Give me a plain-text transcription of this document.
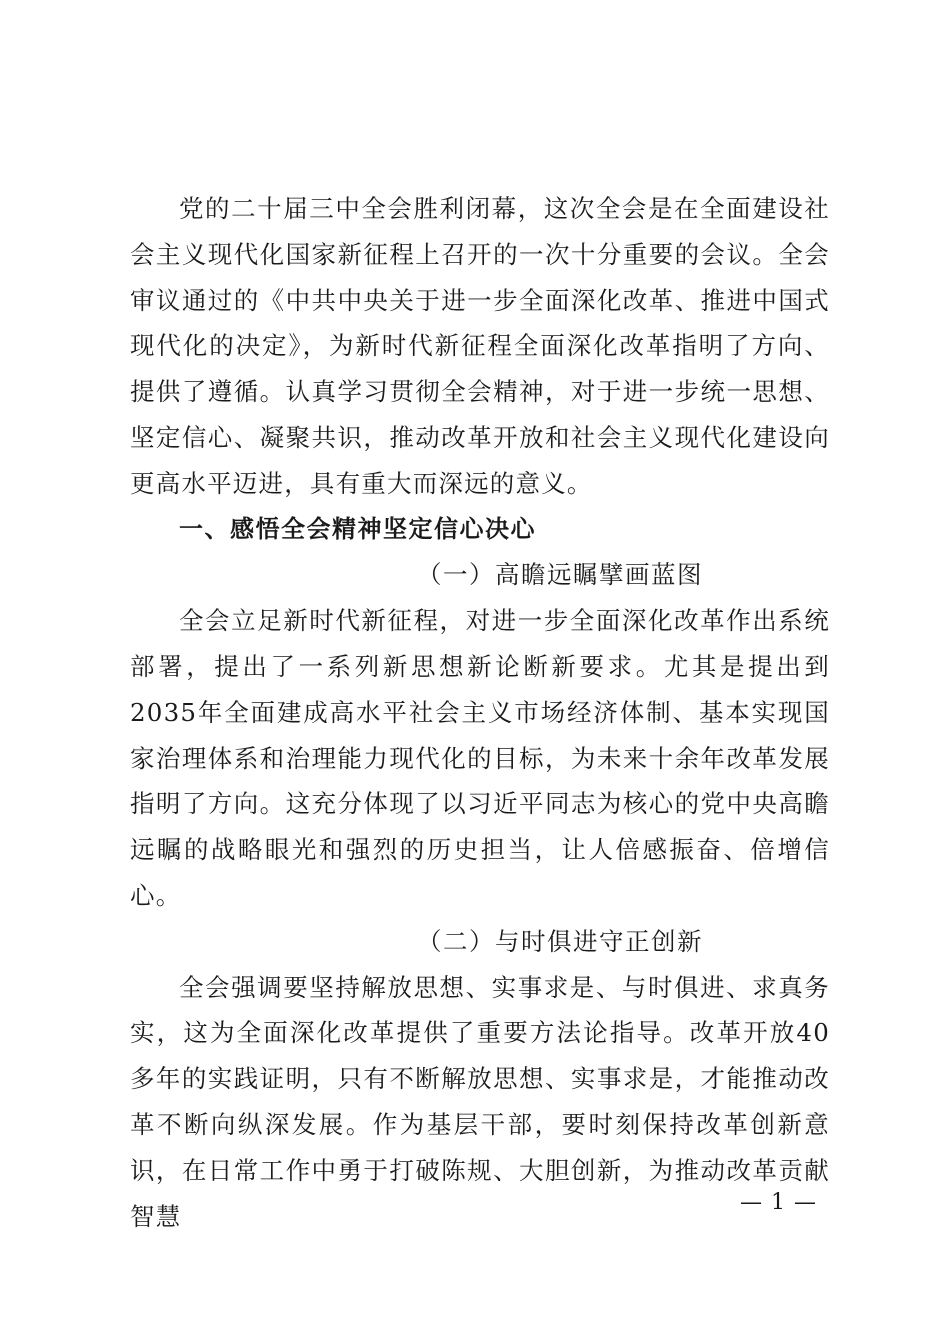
党的二十届三中全会胜利闭幕，这次全会是在全面建设社会主义现代化国家新征程上召开的一次十分重要的会议。全会审议通过的《中共中央关于进一步全面深化改革、推进中国式现代化的决定》，为新时代新征程全面深化改革指明了方向、提供了遵循。认真学习贯彻全会精神，对于进一步统一思想、坚定信心、凝聚共识，推动改革开放和社会主义现代化建设向更高水平迈进，具有重大而深远的意义。

一、感悟全会精神坚定信心决心

（一）高瞻远瞩擘画蓝图

全会立足新时代新征程，对进一步全面深化改革作出系统部署，提出了一系列新思想新论断新要求。尤其是提出到2035年全面建成高水平社会主义市场经济体制、基本实现国家治理体系和治理能力现代化的目标，为未来十余年改革发展指明了方向。这充分体现了以习近平同志为核心的党中央高瞻远瞩的战略眼光和强烈的历史担当，让人倍感振奋、倍增信心。

（二）与时俱进守正创新

全会强调要坚持解放思想、实事求是、与时俱进、求真务实，这为全面深化改革提供了重要方法论指导。改革开放40多年的实践证明，只有不断解放思想、实事求是，才能推动改革不断向纵深发展。作为基层干部，要时刻保持改革创新意识，在日常工作中勇于打破陈规、大胆创新，为推动改革贡献智慧	— 1 —
